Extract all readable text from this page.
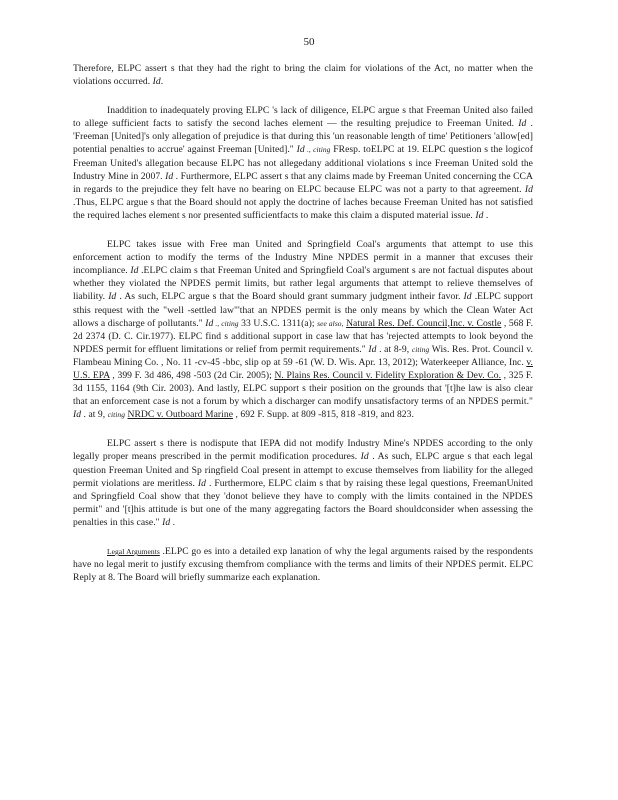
50

Therefore, ELPC assert s that they had the right to bring the claim for violations of the Act, no matter when the violations occurred. Id.

Inaddition to inadequately proving ELPC 's lack of diligence, ELPC argue s that Freeman United also failed to allege sufficient facts to satisfy the second laches element — the resulting prejudice to Freeman United. Id . 'Freeman [United]'s only allegation of prejudice is that during this 'un reasonable length of time' Petitioners 'allow[ed] potential penalties to accrue' against Freeman [United]." Id ., citing FResp. toELPC at 19. ELPC question s the logicof Freeman United's allegation because ELPC has not allegedany additional violations s ince Freeman United sold the Industry Mine in 2007. Id . Furthermore, ELPC assert s that any claims made by Freeman United concerning the CCA in regards to the prejudice they felt have no bearing on ELPC because ELPC was not a party to that agreement. Id .Thus, ELPC argue s that the Board should not apply the doctrine of laches because Freeman United has not satisfied the required laches element s nor presented sufficientfacts to make this claim a disputed material issue. Id .

ELPC takes issue with Free man United and Springfield Coal's arguments that attempt to use this enforcement action to modify the terms of the Industry Mine NPDES permit in a manner that excuses their incompliance. Id .ELPC claim s that Freeman United and Springfield Coal's argument s are not factual disputes about whether they violated the NPDES permit limits, but rather legal arguments that attempt to relieve themselves of liability. Id . As such, ELPC argue s that the Board should grant summary judgment intheir favor. Id .ELPC support sthis request with the "well -settled law"'that an NPDES permit is the only means by which the Clean Water Act allows a discharge of pollutants." Id ., citing 33 U.S.C. 1311(a); see also, Natural Res. Def. Council,Inc. v. Costle , 568 F. 2d 2374 (D. C. Cir.1977). ELPC find s additional support in case law that has 'rejected attempts to look beyond the NPDES permit for effluent limitations or relief from permit requirements." Id . at 8-9, citing Wis. Res. Prot. Council v. Flambeau Mining Co. , No. 11 -cv-45 -bbc, slip op at 59 -61 (W. D. Wis. Apr. 13, 2012); Waterkeeper Alliance, Inc. v. U.S. EPA , 399 F. 3d 486, 498 -503 (2d Cir. 2005); N. Plains Res. Council v. Fidelity Exploration & Dev. Co. , 325 F. 3d 1155, 1164 (9th Cir. 2003). And lastly, ELPC support s their position on the grounds that '[t]he law is also clear that an enforcement case is not a forum by which a discharger can modify unsatisfactory terms of an NPDES permit." Id . at 9, citing NRDC v. Outboard Marine , 692 F. Supp. at 809 -815, 818 -819, and 823.

ELPC assert s there is nodispute that IEPA did not modify Industry Mine's NPDES according to the only legally proper means prescribed in the permit modification procedures. Id . As such, ELPC argue s that each legal question Freeman United and Sp ringfield Coal present in attempt to excuse themselves from liability for the alleged permit violations are meritless. Id . Furthermore, ELPC claim s that by raising these legal questions, FreemanUnited and Springfield Coal show that they 'donot believe they have to comply with the limits contained in the NPDES permit" and '[t]his attitude is but one of the many aggregating factors the Board shouldconsider when assessing the penalties in this case." Id .

Legal Arguments .ELPC go es into a detailed exp lanation of why the legal arguments raised by the respondents have no legal merit to justify excusing themfrom compliance with the terms and limits of their NPDES permit. ELPC Reply at 8. The Board will briefly summarize each explanation.
